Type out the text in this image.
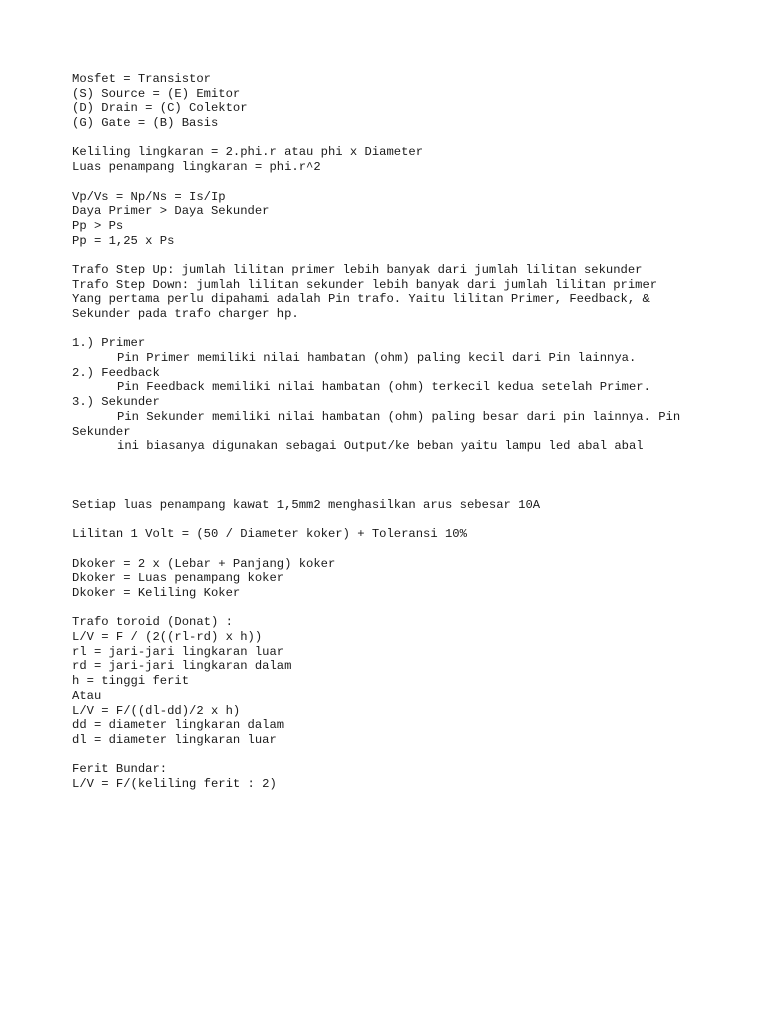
Mosfet = Transistor

(S) Source = (E) Emitor

(D) Drain = (C) Colektor

(G) Gate = (B) Basis

Keliling lingkaran = 2.phi.r atau phi x Diameter

Luas penampang lingkaran = phi.r^2

Vp/Vs = Np/Ns = Is/Ip

Daya Primer > Daya Sekunder

Pp > Ps

Pp = 1,25 x Ps

Trafo Step Up: jumlah lilitan primer lebih banyak dari jumlah lilitan sekunder

Trafo Step Down: jumlah lilitan sekunder lebih banyak dari jumlah lilitan primer

Yang pertama perlu dipahami adalah Pin trafo. Yaitu lilitan Primer, Feedback, &

Sekunder pada trafo charger hp.

1.) Primer

Pin Primer memiliki nilai hambatan (ohm) paling kecil dari Pin lainnya.

2.) Feedback

Pin Feedback memiliki nilai hambatan (ohm) terkecil kedua setelah Primer.

3.) Sekunder

Pin Sekunder memiliki nilai hambatan (ohm) paling besar dari pin lainnya. Pin

Sekunder

ini biasanya digunakan sebagai Output/ke beban yaitu lampu led abal abal

Setiap luas penampang kawat 1,5mm2 menghasilkan arus sebesar 10A

Lilitan 1 Volt = (50 / Diameter koker) + Toleransi 10%

Dkoker = 2 x (Lebar + Panjang) koker

Dkoker = Luas penampang koker

Dkoker = Keliling Koker

Trafo toroid (Donat) :

L/V = F / (2((rl-rd) x h))

rl = jari-jari lingkaran luar

rd = jari-jari lingkaran dalam

h = tinggi ferit

Atau

L/V = F/((dl-dd)/2 x h)

dd = diameter lingkaran dalam

dl = diameter lingkaran luar

Ferit Bundar:

L/V = F/(keliling ferit : 2)
